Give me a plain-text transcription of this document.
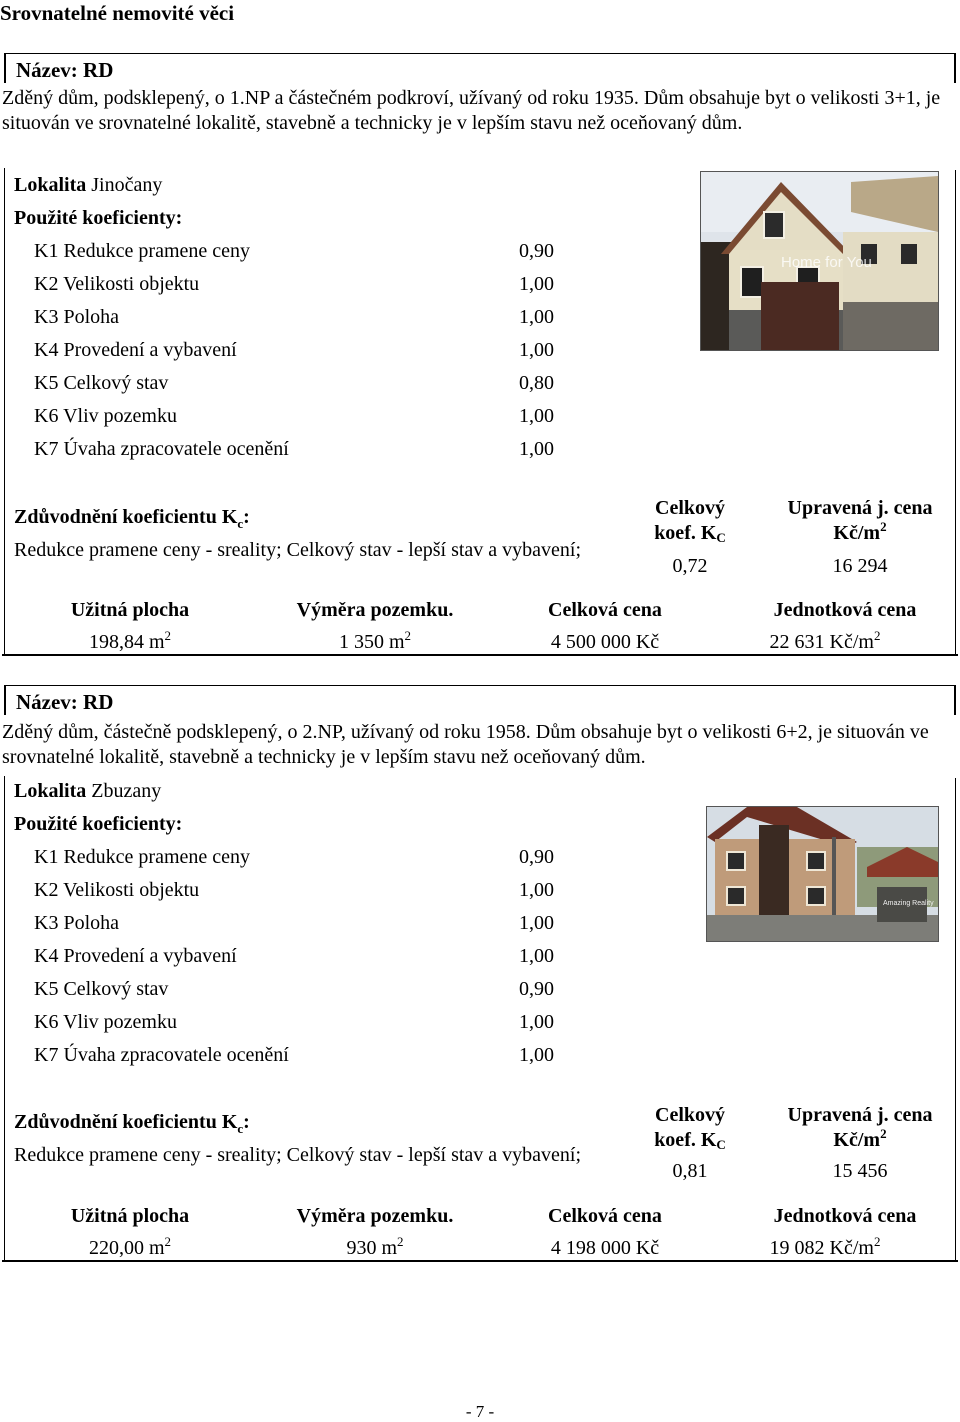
Srovnatelné nemovité věci
Název: RD
Zděný dům, podsklepený, o 1.NP a částečném podkroví, užívaný od roku 1935. Dům obsahuje byt o velikosti 3+1, je situován ve srovnatelné lokalitě, stavebně a technicky je v lepším stavu než oceňovaný dům.
Lokalita Jinočany
Použité koeficienty:
K1 Redukce pramene ceny	0,90
K2 Velikosti objektu	1,00
K3 Poloha	1,00
K4 Provedení a vybavení	1,00
K5 Celkový stav	0,80
K6 Vliv pozemku	1,00
K7 Úvaha zpracovatele ocenění	1,00
Home for You
Zdůvodnění koeficientu $K_c$:
Redukce pramene ceny - sreality; Celkový stav - lepší stav a vybavení;
Celkový
koef. $K_C$
0,72
Upravená j. cena
$Kč/m^2$
16 294
Užitná plocha	Výměra pozemku.	Celková cena	Jednotková cena
198,84 $m^2$	1 350 $m^2$	4 500 000 Kč	22 631 $Kč/m^2$
Název: RD
Zděný dům, částečně podsklepený, o 2.NP, užívaný od roku 1958. Dům obsahuje byt o velikosti 6+2, je situován ve srovnatelné lokalitě, stavebně a technicky je v lepším stavu než oceňovaný dům.
Lokalita Zbuzany
Použité koeficienty:
K1 Redukce pramene ceny	0,90
K2 Velikosti objektu	1,00
K3 Poloha	1,00
K4 Provedení a vybavení	1,00
K5 Celkový stav	0,90
K6 Vliv pozemku	1,00
K7 Úvaha zpracovatele ocenění	1,00
Amazing Reality
Zdůvodnění koeficientu $K_c$:
Redukce pramene ceny - sreality; Celkový stav - lepší stav a vybavení;
Celkový
koef. $K_C$
0,81
Upravená j. cena
$Kč/m^2$
15 456
Užitná plocha	Výměra pozemku.	Celková cena	Jednotková cena
220,00 $m^2$	930 $m^2$	4 198 000 Kč	19 082 $Kč/m^2$
- 7 -
